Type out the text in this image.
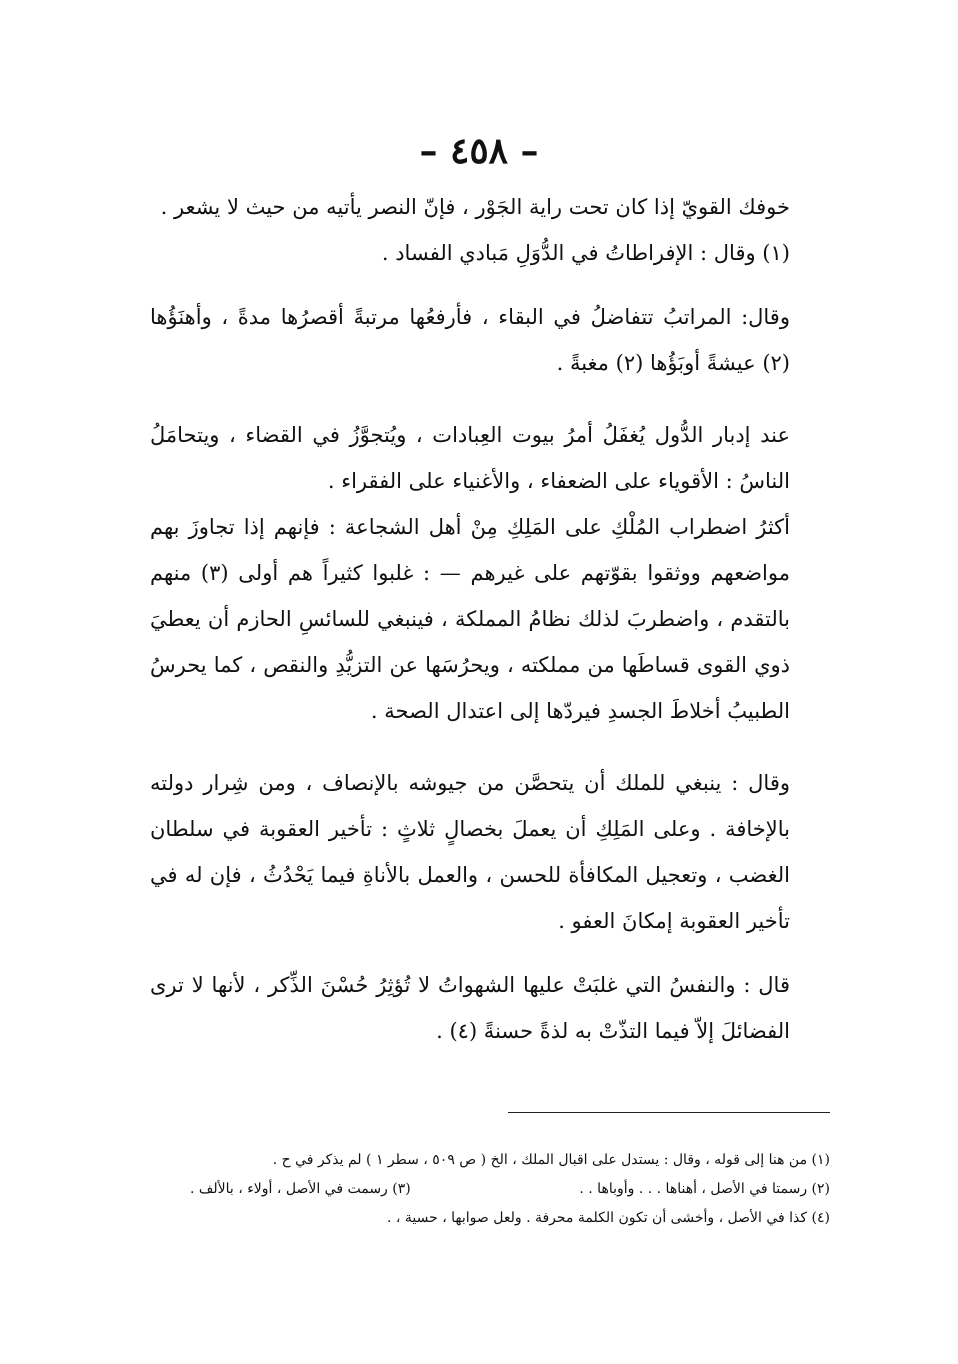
– ٤٥٨ –

خوفك القويّ إذا كان تحت راية الجَوْر ، فإنّ النصر يأتيه من حيث لا يشعر .

(١) وقال : الإفراطاتُ في الدُّوَلِ مَبادي الفساد .

وقال: المراتبُ تتفاضلُ في البقاء ، فأرفعُها مرتبةً أقصرُها مدةً ، وأهنَؤُها (٢) عيشةً أوبَؤُها (٢) مغبةً .

عند إدبار الدُّول يُغفَلُ أمرُ بيوت العِبادات ، ويُتجوَّزُ في القضاء ، ويتحامَلُ الناسُ : الأقوياء على الضعفاء ، والأغنياء على الفقراء .

أكثرُ اضطراب المُلْكِ على المَلِكِ مِنْ أهل الشجاعة : فإنهم إذا تجاوزَ بهم مواضعهم ووثقوا بقوّتهم على غيرهم — : غلبوا كثيراً هم أولى (٣) منهم بالتقدم ، واضطربَ لذلك نظامُ المملكة ، فينبغي للسائسِ الحازم أن يعطيَ ذوي القوى قساطَها من مملكته ، ويحرُسَها عن التزيُّدِ والنقص ، كما يحرسُ الطبيبُ أخلاطَ الجسدِ فيردّها إلى اعتدال الصحة .

وقال : ينبغي للملك أن يتحصَّن من جيوشه بالإنصاف ، ومن شِرار دولته بالإخافة . وعلى المَلِكِ أن يعملَ بخصالٍ ثلاثٍ : تأخير العقوبة في سلطان الغضب ، وتعجيل المكافأة للحسن ، والعمل بالأناةِ فيما يَحْدُثُ ، فإن له في تأخير العقوبة إمكانَ العفو .

قال : والنفسُ التي غلبَتْ عليها الشهواتُ لا تُؤثِرُ حُسْنَ الذِّكر ، لأنها لا ترى الفضائلَ إلاّ فيما التذّتْ به لذةً حسنةً (٤) .

(١) من هنا إلى قوله ، وقال : يستدل على اقبال الملك ، الخ ( ص ٥٠٩ ، سطر ١ ) لم يذكر في ح .

(٢) رسمتا في الأصل ، أهناها . . . وأوباها . .
(٣) رسمت في الأصل ، أولاء ، بالألف .

(٤) كذا في الأصل ، وأخشى أن تكون الكلمة محرفة . ولعل صوابها ، حسية ، .
